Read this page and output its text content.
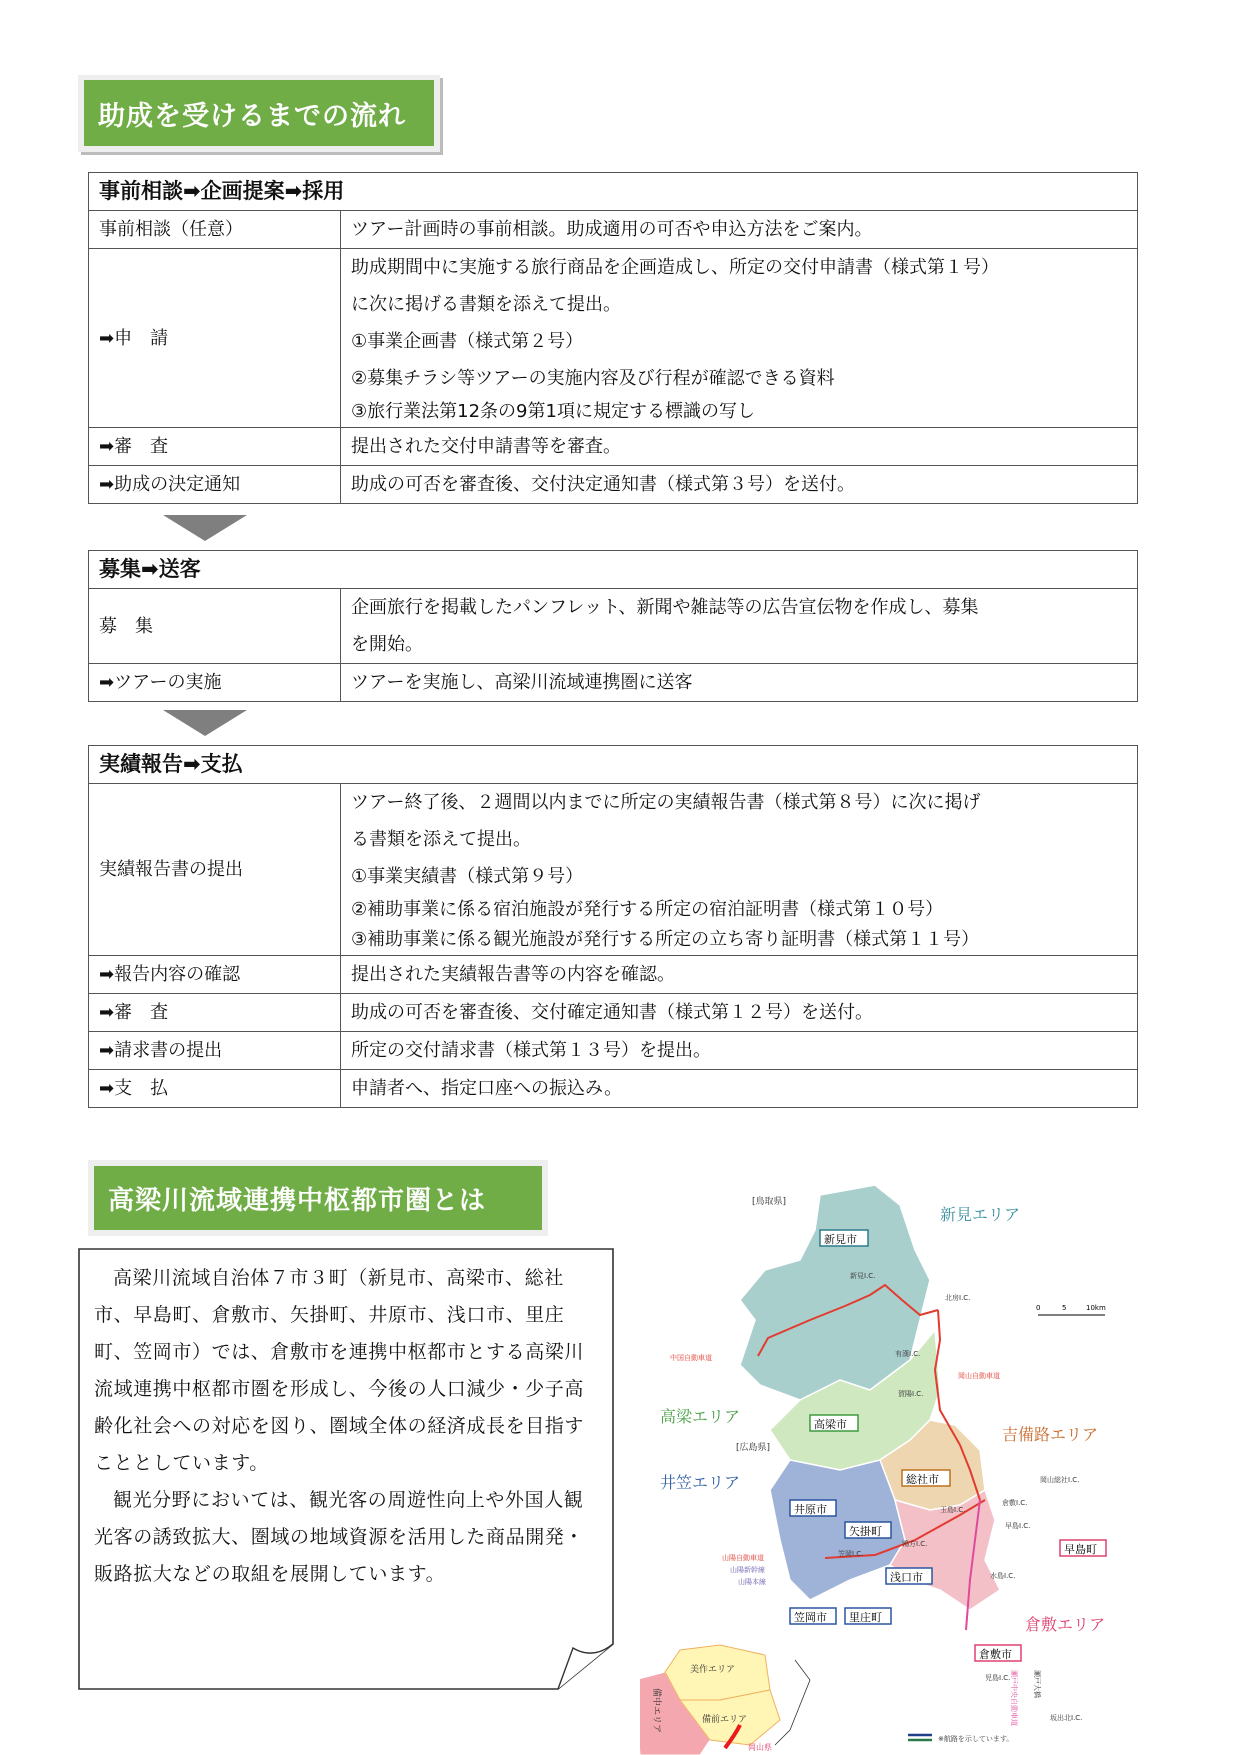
助成を受けるまでの流れ
事前相談➡企画提案➡採用	
事前相談（任意）	ツアー計画時の事前相談。助成適用の可否や申込方法をご案内。

➡申　請	助成期間中に実施する旅行商品を企画造成し、所定の交付申請書（様式第１号）
に次に掲げる書類を添えて提出。
①事業企画書（様式第２号）
②募集チラシ等ツアーの実施内容及び行程が確認できる資料
③旅行業法第12条の9第1項に規定する標識の写し

➡審　査	提出された交付申請書等を審査。

➡助成の決定通知	助成の可否を審査後、交付決定通知書（様式第３号）を送付。
募集➡送客	
募　集	企画旅行を掲載したパンフレット、新聞や雑誌等の広告宣伝物を作成し、募集
を開始。

➡ツアーの実施	ツアーを実施し、高梁川流域連携圏に送客
実績報告➡支払	
実績報告書の提出	ツアー終了後、２週間以内までに所定の実績報告書（様式第８号）に次に掲げ
る書類を添えて提出。
①事業実績書（様式第９号）
②補助事業に係る宿泊施設が発行する所定の宿泊証明書（様式第１０号）
③補助事業に係る観光施設が発行する所定の立ち寄り証明書（様式第１１号）

➡報告内容の確認	提出された実績報告書等の内容を確認。

➡審　査	助成の可否を審査後、交付確定通知書（様式第１２号）を送付。

➡請求書の提出	所定の交付請求書（様式第１３号）を提出。

➡支　払	申請者へ、指定口座への振込み。
高梁川流域連携中枢都市圏とは

高梁川流域自治体７市３町（新見市、高梁市、総社市、早島町、倉敷市、矢掛町、井原市、浅口市、里庄町、笠岡市）では、倉敷市を連携中枢都市とする高梁川流域連携中枢都市圏を形成し、今後の人口減少・少子高齢化社会への対応を図り、圏域全体の経済成長を目指すこととしています。

観光分野においては、観光客の周遊性向上や外国人観光客の誘致拡大、圏域の地域資源を活用した商品開発・販路拡大などの取組を展開しています。

[鳥取県]
[広島県]
新見エリア
高梁エリア
吉備路エリア
井笠エリア
倉敷エリア
新見市
高梁市
総社市
井原市
矢掛町
浅口市
笠岡市 里庄町
早島町
倉敷市
新見I.C.
北房I.C.
有漢I.C.
賀陽I.C.
岡山総社I.C.
倉敷I.C.
玉島I.C.
早島I.C.
鴨方I.C.
笠岡I.C.
水島I.C.
児島I.C.
坂出北I.C.
中国自動車道
岡山自動車道
山陽自動車道
山陽新幹線
山陽本線
瀬戸中央自動車道 瀬戸大橋
0	5	10km
美作エリア
備中エリア	備前エリア
岡山県
※航路を示しています。
